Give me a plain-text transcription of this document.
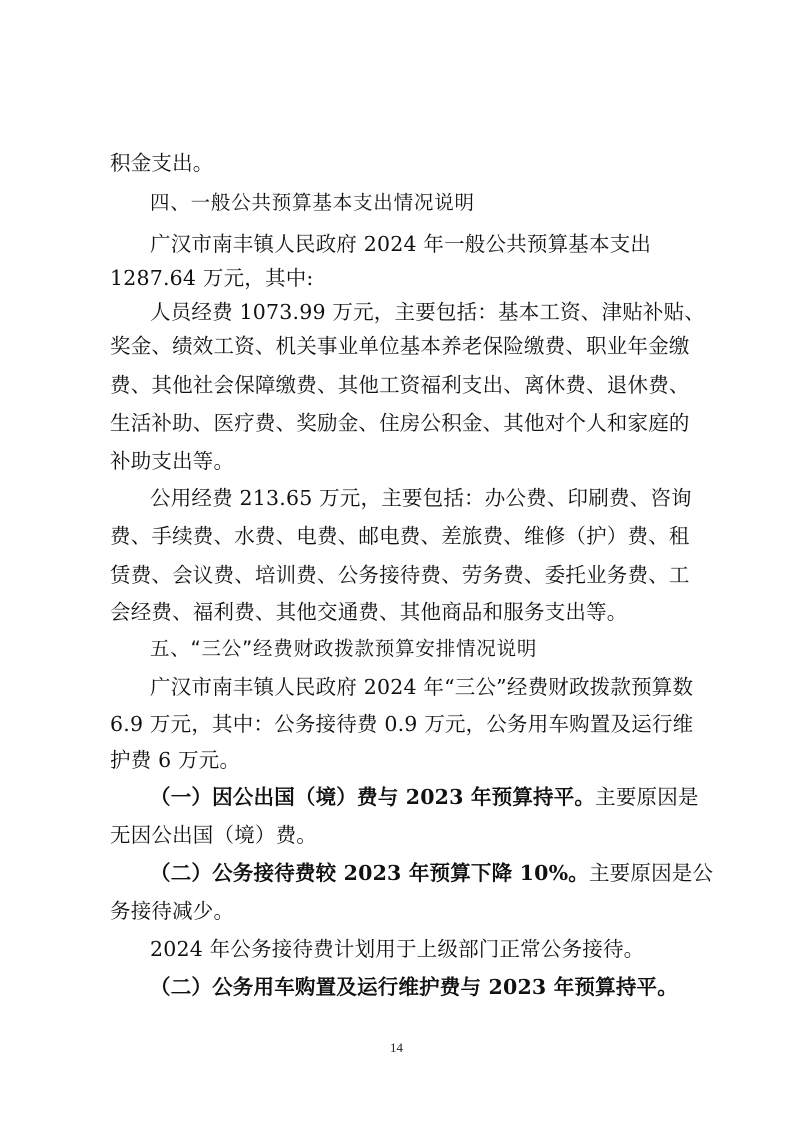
积金支出。
四、一般公共预算基本支出情况说明
广汉市南丰镇人民政府 2024 年一般公共预算基本支出
1287.64 万元，其中:
人员经费 1073.99 万元，主要包括：基本工资、津贴补贴、
奖金、绩效工资、机关事业单位基本养老保险缴费、职业年金缴
费、其他社会保障缴费、其他工资福利支出、离休费、退休费、
生活补助、医疗费、奖励金、住房公积金、其他对个人和家庭的
补助支出等。
公用经费 213.65 万元，主要包括：办公费、印刷费、咨询
费、手续费、水费、电费、邮电费、差旅费、维修（护）费、租
赁费、会议费、培训费、公务接待费、劳务费、委托业务费、工
会经费、福利费、其他交通费、其他商品和服务支出等。
五、“三公”经费财政拨款预算安排情况说明
广汉市南丰镇人民政府 2024 年“三公”经费财政拨款预算数
6.9 万元，其中：公务接待费 0.9 万元，公务用车购置及运行维
护费 6 万元。
（一）因公出国（境）费与 2023 年预算持平。主要原因是
无因公出国（境）费。
（二）公务接待费较 2023 年预算下降 10%。主要原因是公
务接待减少。
2024 年公务接待费计划用于上级部门正常公务接待。
（二）公务用车购置及运行维护费与 2023 年预算持平。
14
